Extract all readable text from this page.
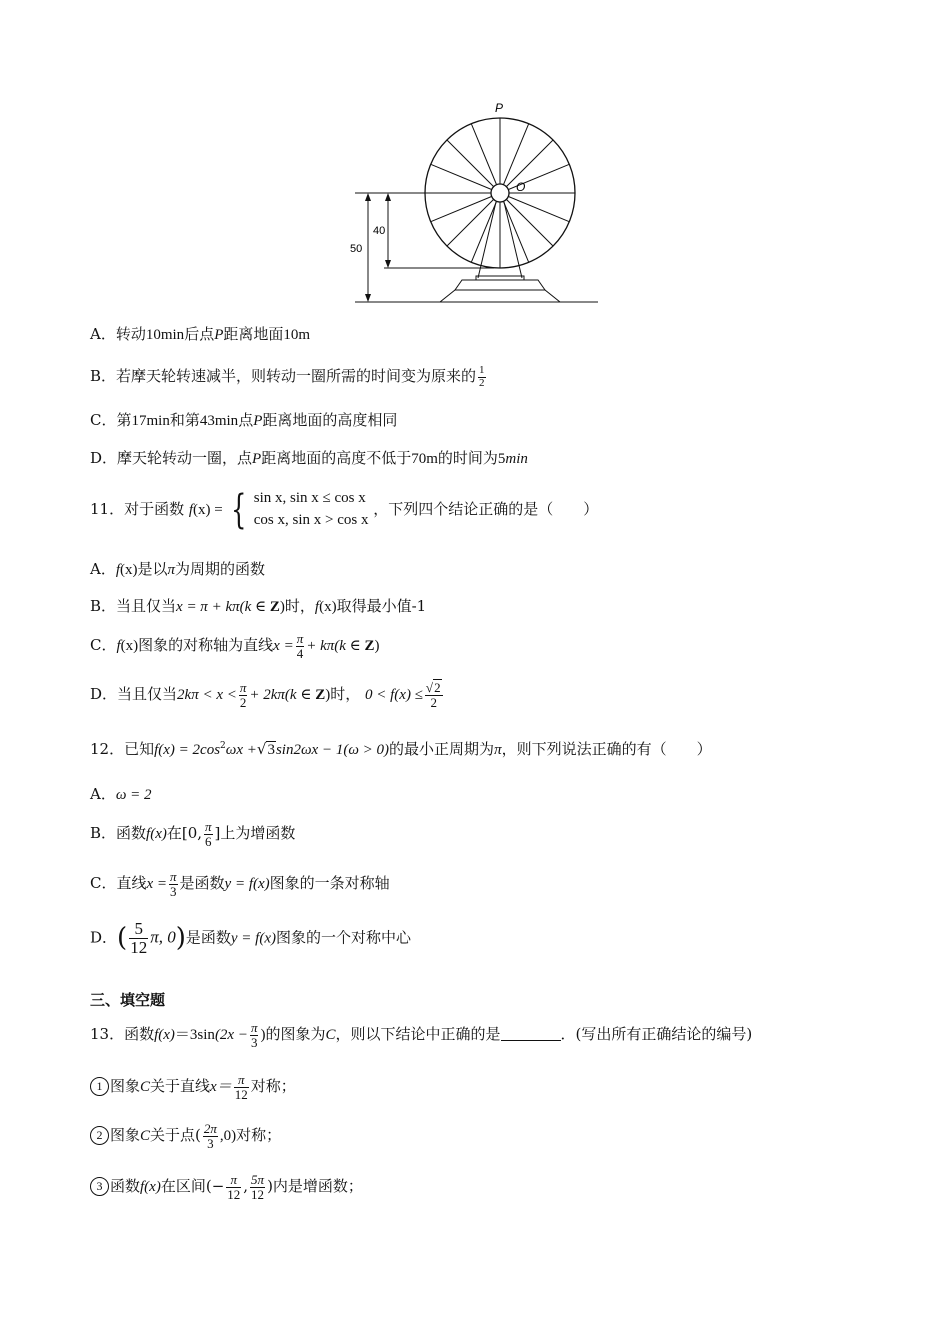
P
O
50
40
A．转动10min后点P距离地面10m
B．若摩天轮转速减半，则转动一圈所需的时间变为原来的 $\frac{1}{2}$
C．第17min和第43min点P距离地面的高度相同
D．摩天轮转动一圈，点P距离地面的高度不低于70m的时间为5min
11．对于函数 f(x) = { sin x, sin x ≤ cos x
cos x, sin x > cos x ，下列四个结论正确的是（　　）
A．f(x)是以π为周期的函数
B．当且仅当x = π + kπ(k ∈ Z)时，f(x)取得最小值-1
C．f(x)图象的对称轴为直线$x = \frac{\pi}{4} + k\pi(k$ ∈ Z)
D．当且仅当$2k\pi < x < \frac{\pi}{2} + 2k\pi(k$ ∈ Z)时， $0 < f(x) \le \frac{√2}{2}$
12．已知$f(x) = 2\cos^2\omega x +√3\sin 2\omega x - 1(\omega > 0)$的最小正周期为π，则下列说法正确的有（　　）
A．ω = 2
B．函数f(x)在[0, $\frac{\pi}{6}$ ]上为增函数
C．直线$x = \frac{\pi}{3}$ 是函数y = f(x)图象的一条对称轴
D．( $\frac{5}{12} \pi$, 0)是函数y = f(x)图象的一个对称中心
三、填空题
13．函数$f(x)=3\sin(2x - \frac{\pi}{3}$ )的图象为C，则以下结论中正确的是	．(写出所有正确结论的编号)
1 图象C关于直线$x= \frac{\pi}{12}$ 对称；
2 图象C关于点( $\frac{2\pi}{3} ,0$)对称；
3 函数f(x)在区间(− $\frac{\pi}{12}$ , $\frac{5\pi}{12}$ )内是增函数；
